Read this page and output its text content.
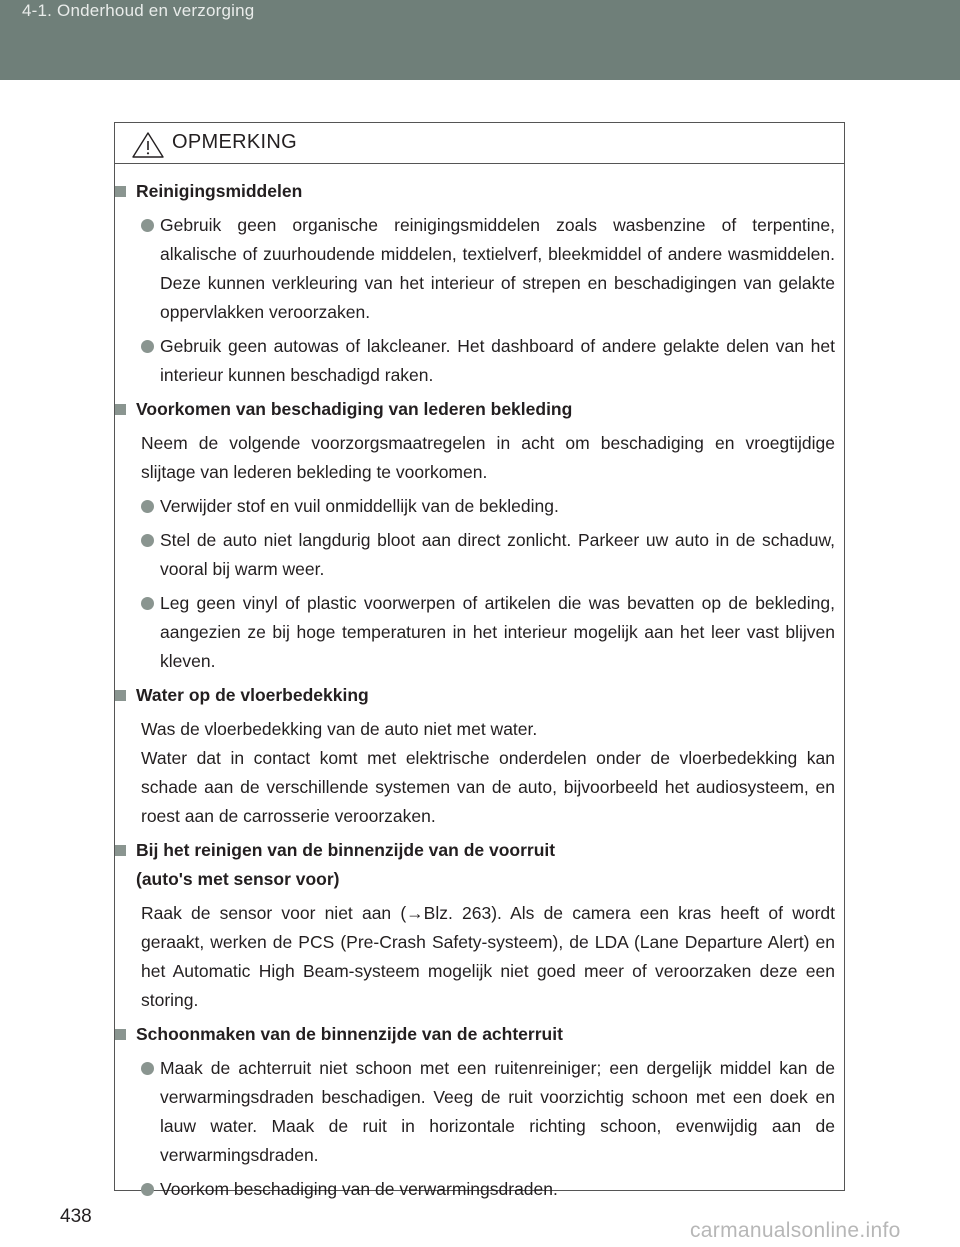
4-1. Onderhoud en verzorging
OPMERKING
Reinigingsmiddelen
Gebruik geen organische reinigingsmiddelen zoals wasbenzine of terpentine, alkalische of zuurhoudende middelen, textielverf, bleekmiddel of andere wasmiddelen. Deze kunnen verkleuring van het interieur of strepen en beschadigingen van gelakte oppervlakken veroorzaken.
Gebruik geen autowas of lakcleaner. Het dashboard of andere gelakte delen van het interieur kunnen beschadigd raken.
Voorkomen van beschadiging van lederen bekleding
Neem de volgende voorzorgsmaatregelen in acht om beschadiging en vroegtijdige slijtage van lederen bekleding te voorkomen.
Verwijder stof en vuil onmiddellijk van de bekleding.
Stel de auto niet langdurig bloot aan direct zonlicht. Parkeer uw auto in de schaduw, vooral bij warm weer.
Leg geen vinyl of plastic voorwerpen of artikelen die was bevatten op de bekleding, aangezien ze bij hoge temperaturen in het interieur mogelijk aan het leer vast blijven kleven.
Water op de vloerbedekking
Was de vloerbedekking van de auto niet met water.
Water dat in contact komt met elektrische onderdelen onder de vloerbedekking kan schade aan de verschillende systemen van de auto, bijvoorbeeld het audiosysteem, en roest aan de carrosserie veroorzaken.
Bij het reinigen van de binnenzijde van de voorruit
(auto's met sensor voor)
Raak de sensor voor niet aan (→Blz. 263). Als de camera een kras heeft of wordt geraakt, werken de PCS (Pre-Crash Safety-systeem), de LDA (Lane Departure Alert) en het Automatic High Beam-systeem mogelijk niet goed meer of veroorzaken deze een storing.
Schoonmaken van de binnenzijde van de achterruit
Maak de achterruit niet schoon met een ruitenreiniger; een dergelijk middel kan de verwarmingsdraden beschadigen. Veeg de ruit voorzichtig schoon met een doek en lauw water. Maak de ruit in horizontale richting schoon, evenwijdig aan de verwarmingsdraden.
Voorkom beschadiging van de verwarmingsdraden.
438
carmanualsonline.info
